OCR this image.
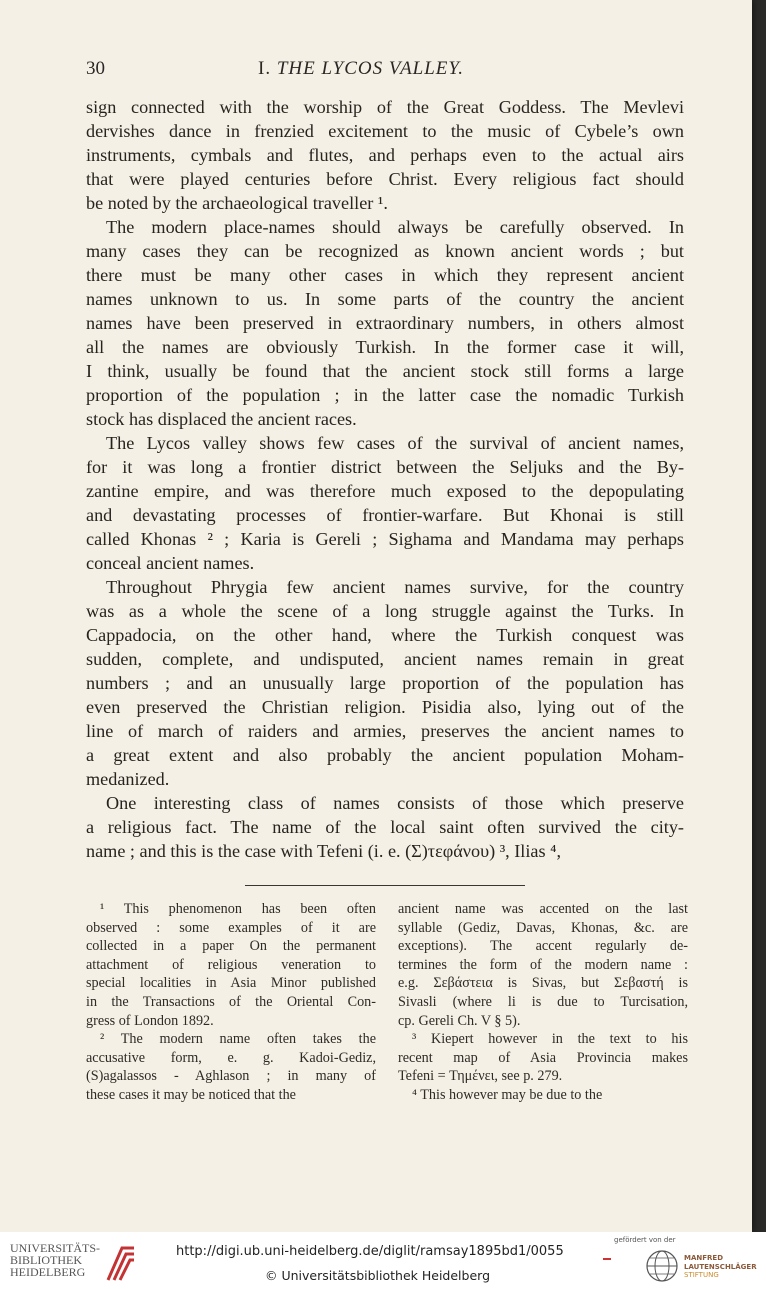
30	I. THE LYCOS VALLEY.
sign connected with the worship of the Great Goddess. The Mevlevi
dervishes dance in frenzied excitement to the music of Cybele’s own
instruments, cymbals and flutes, and perhaps even to the actual airs
that were played centuries before Christ. Every religious fact should
be noted by the archaeological traveller ¹.
The modern place-names should always be carefully observed. In
many cases they can be recognized as known ancient words ; but
there must be many other cases in which they represent ancient
names unknown to us. In some parts of the country the ancient
names have been preserved in extraordinary numbers, in others almost
all the names are obviously Turkish. In the former case it will,
I think, usually be found that the ancient stock still forms a large
proportion of the population ; in the latter case the nomadic Turkish
stock has displaced the ancient races.
The Lycos valley shows few cases of the survival of ancient names,
for it was long a frontier district between the Seljuks and the By-
zantine empire, and was therefore much exposed to the depopulating
and devastating processes of frontier-warfare. But Khonai is still
called Khonas ² ; Karia is Gereli ; Sighama and Mandama may perhaps
conceal ancient names.
Throughout Phrygia few ancient names survive, for the country
was as a whole the scene of a long struggle against the Turks. In
Cappadocia, on the other hand, where the Turkish conquest was
sudden, complete, and undisputed, ancient names remain in great
numbers ; and an unusually large proportion of the population has
even preserved the Christian religion. Pisidia also, lying out of the
line of march of raiders and armies, preserves the ancient names to
a great extent and also probably the ancient population Moham-
medanized.
One interesting class of names consists of those which preserve
a religious fact. The name of the local saint often survived the city-
name ; and this is the case with Tefeni (i. e. (Σ)τεφάνου) ³, Ilias ⁴,
¹ This phenomenon has been often
observed : some examples of it are
collected in a paper On the permanent
attachment of religious veneration to
special localities in Asia Minor published
in the Transactions of the Oriental Con-
gress of London 1892.
² The modern name often takes the
accusative form, e. g. Kadoi-Gediz,
(S)agalassos - Aghlason ; in many of
these cases it may be noticed that the
ancient name was accented on the last
syllable (Gediz, Davas, Khonas, &c. are
exceptions). The accent regularly de-
termines the form of the modern name :
e.g. Σεβάστεια is Sivas, but Σεβαστή is
Sivasli (where li is due to Turcisation,
cp. Gereli Ch. V § 5).
³ Kiepert however in the text to his
recent map of Asia Provincia makes
Tefeni = Τημένει, see p. 279.
⁴ This however may be due to the
UNIVERSITÄTS-
BIBLIOTHEK
HEIDELBERG
http://digi.ub.uni-heidelberg.de/diglit/ramsay1895bd1/0055
© Universitätsbibliothek Heidelberg
gefördert von der
MANFRED
LAUTENSCHLÄGER
STIFTUNG
